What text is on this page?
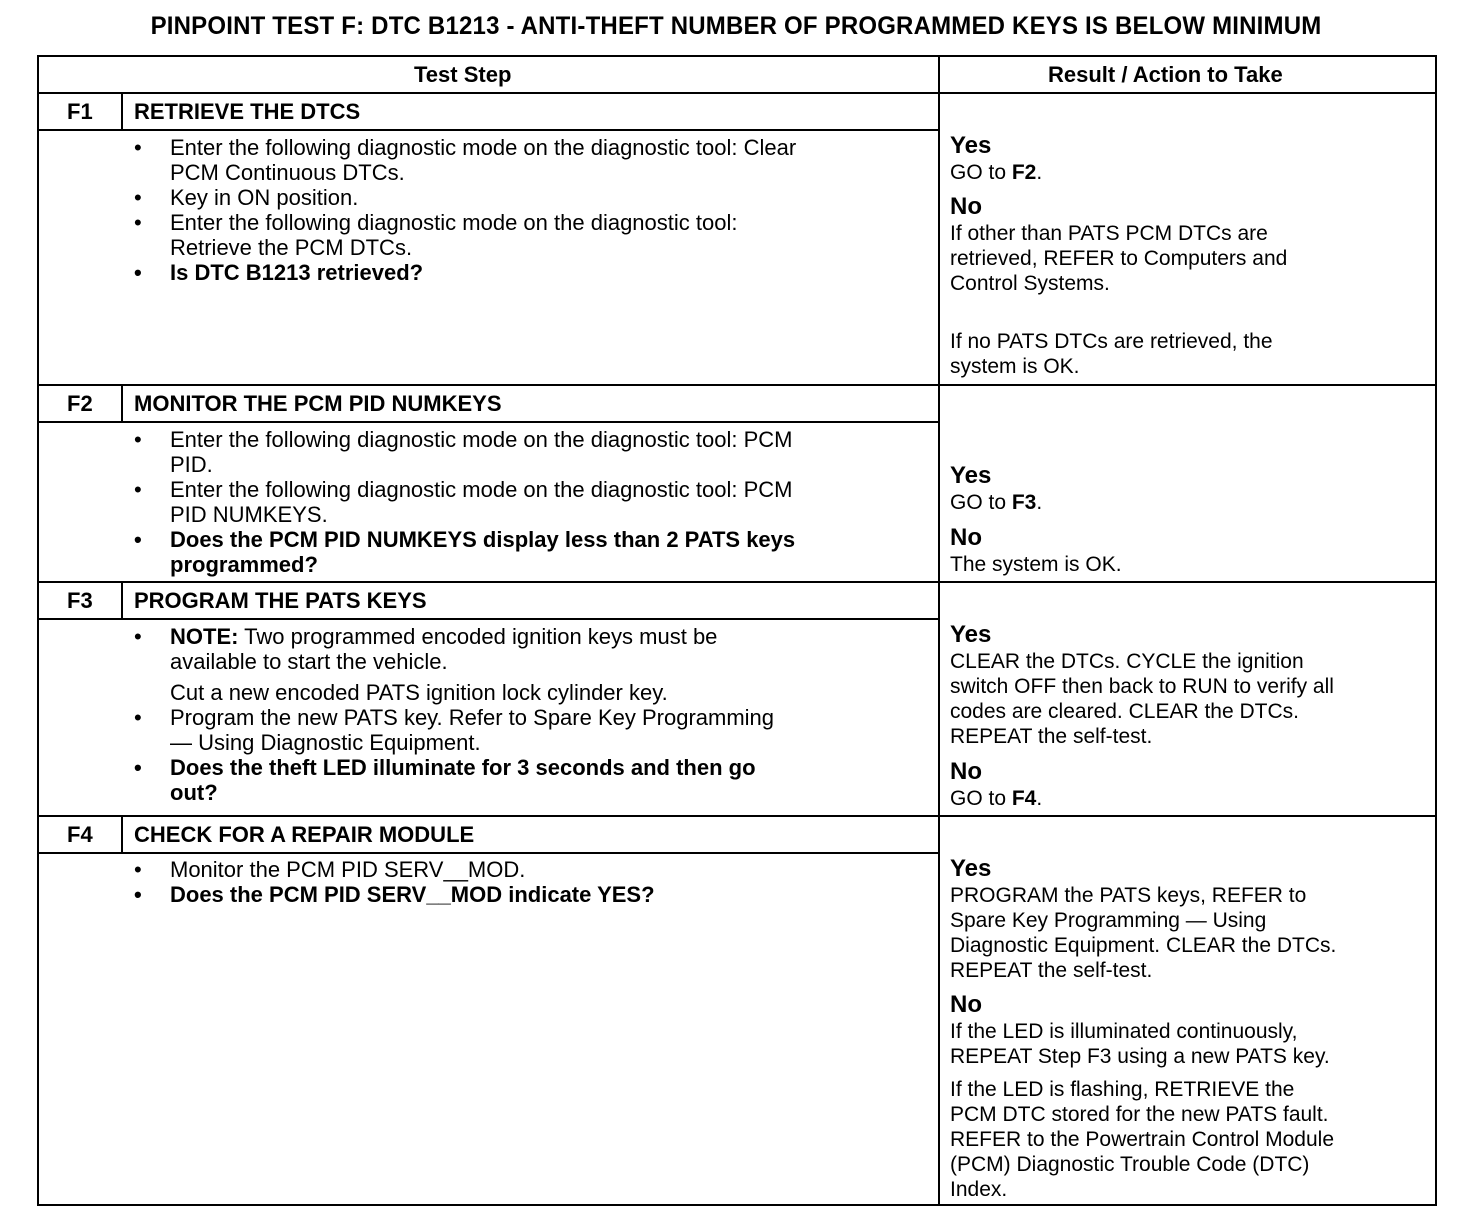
PINPOINT TEST F: DTC B1213 - ANTI-THEFT NUMBER OF PROGRAMMED KEYS IS BELOW MINIMUM
Test Step	Result / Action to Take
F1 RETRIEVE THE DTCS
• Enter the following diagnostic mode on the diagnostic tool: Clear
PCM Continuous DTCs.
• Key in ON position.
• Enter the following diagnostic mode on the diagnostic tool:
Retrieve the PCM DTCs.
• Is DTC B1213 retrieved?
Yes
GO to F2.
No
If other than PATS PCM DTCs are
retrieved, REFER to Computers and
Control Systems.
If no PATS DTCs are retrieved, the
system is OK.
F2 MONITOR THE PCM PID NUMKEYS
• Enter the following diagnostic mode on the diagnostic tool: PCM
PID.
• Enter the following diagnostic mode on the diagnostic tool: PCM
PID NUMKEYS.
• Does the PCM PID NUMKEYS display less than 2 PATS keys
programmed?
Yes
GO to F3.
No
The system is OK.
F3 PROGRAM THE PATS KEYS
• NOTE: Two programmed encoded ignition keys must be
available to start the vehicle.
Cut a new encoded PATS ignition lock cylinder key.
• Program the new PATS key. Refer to Spare Key Programming
— Using Diagnostic Equipment.
• Does the theft LED illuminate for 3 seconds and then go
out?
Yes
CLEAR the DTCs. CYCLE the ignition
switch OFF then back to RUN to verify all
codes are cleared. CLEAR the DTCs.
REPEAT the self-test.
No
GO to F4.
F4 CHECK FOR A REPAIR MODULE
• Monitor the PCM PID SERV__MOD.
• Does the PCM PID SERV__MOD indicate YES?
Yes
PROGRAM the PATS keys, REFER to
Spare Key Programming — Using
Diagnostic Equipment. CLEAR the DTCs.
REPEAT the self-test.
No
If the LED is illuminated continuously,
REPEAT Step F3 using a new PATS key.
If the LED is flashing, RETRIEVE the
PCM DTC stored for the new PATS fault.
REFER to the Powertrain Control Module
(PCM) Diagnostic Trouble Code (DTC)
Index.
